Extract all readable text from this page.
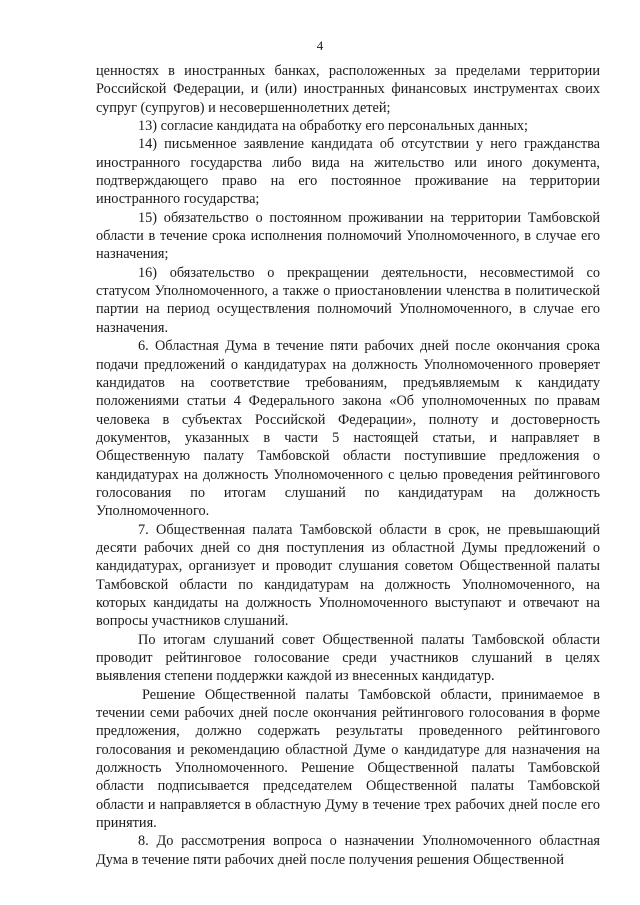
4

ценностях в иностранных банках, расположенных за пределами территории Российской Федерации, и (или) иностранных финансовых инструментах своих супруг (супругов) и несовершеннолетних детей;

13) согласие кандидата на обработку его персональных данных;

14) письменное заявление кандидата об отсутствии у него гражданства иностранного государства либо вида на жительство или иного документа, подтверждающего право на его постоянное проживание на территории иностранного государства;

15) обязательство о постоянном проживании на территории Тамбовской области в течение срока исполнения полномочий Уполномоченного, в случае его назначения;

16) обязательство о прекращении деятельности, несовместимой со статусом Уполномоченного, а также о приостановлении членства в политической партии на период осуществления полномочий Уполномоченного, в случае его назначения.

6. Областная Дума в течение пяти рабочих дней после окончания срока подачи предложений о кандидатурах на должность Уполномоченного проверяет кандидатов на соответствие требованиям, предъявляемым к кандидату положениями статьи 4 Федерального закона «Об уполномоченных по правам человека в субъектах Российской Федерации», полноту и достоверность документов, указанных в части 5 настоящей статьи, и направляет в Общественную палату Тамбовской области поступившие предложения о кандидатурах на должность Уполномоченного с целью проведения рейтингового голосования по итогам слушаний по кандидатурам на должность Уполномоченного.

7. Общественная палата Тамбовской области в срок, не превышающий десяти рабочих дней со дня поступления из областной Думы предложений о кандидатурах, организует и проводит слушания советом Общественной палаты Тамбовской области по кандидатурам на должность Уполномоченного, на которых кандидаты на должность Уполномоченного выступают и отвечают на вопросы участников слушаний.

По итогам слушаний совет Общественной палаты Тамбовской области проводит рейтинговое голосование среди участников слушаний в целях выявления степени поддержки каждой из внесенных кандидатур.

Решение Общественной палаты Тамбовской области, принимаемое в течении семи рабочих дней после окончания рейтингового голосования в форме предложения, должно содержать результаты проведенного рейтингового голосования и рекомендацию областной Думе о кандидатуре для назначения на должность Уполномоченного. Решение Общественной палаты Тамбовской области подписывается председателем Общественной палаты Тамбовской области и направляется в областную Думу в течение трех рабочих дней после его принятия.

8. До рассмотрения вопроса о назначении Уполномоченного областная Дума в течение пяти рабочих дней после получения решения Общественной
